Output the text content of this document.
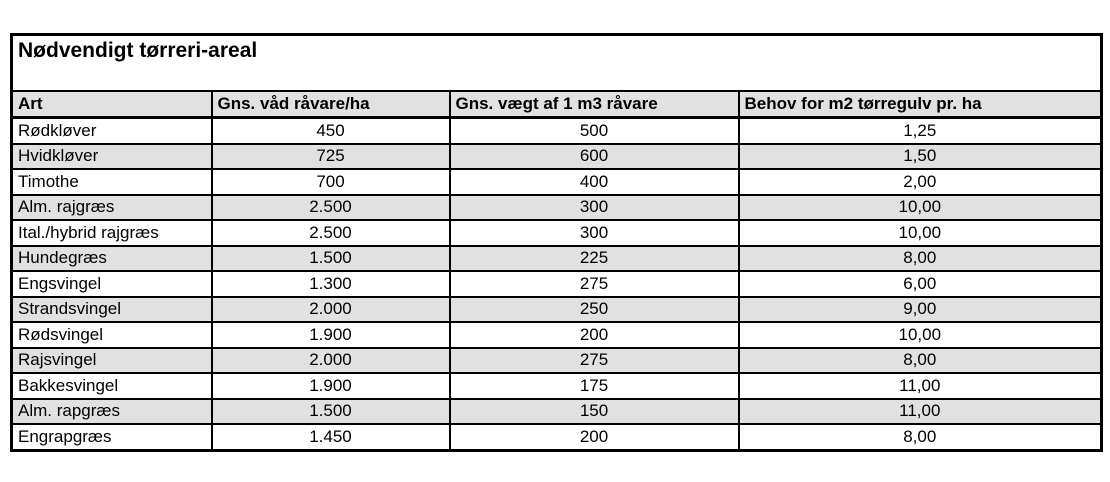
Nødvendigt tørreri-areal			
Art	Gns. våd råvare/ha	Gns. vægt af 1 m3 råvare	Behov for m2 tørregulv pr. ha
Rødkløver	450	500	1,25
Hvidkløver	725	600	1,50
Timothe	700	400	2,00
Alm. rajgræs	2.500	300	10,00
Ital./hybrid rajgræs	2.500	300	10,00
Hundegræs	1.500	225	8,00
Engsvingel	1.300	275	6,00
Strandsvingel	2.000	250	9,00
Rødsvingel	1.900	200	10,00
Rajsvingel	2.000	275	8,00
Bakkesvingel	1.900	175	11,00
Alm. rapgræs	1.500	150	11,00
Engrapgræs	1.450	200	8,00
